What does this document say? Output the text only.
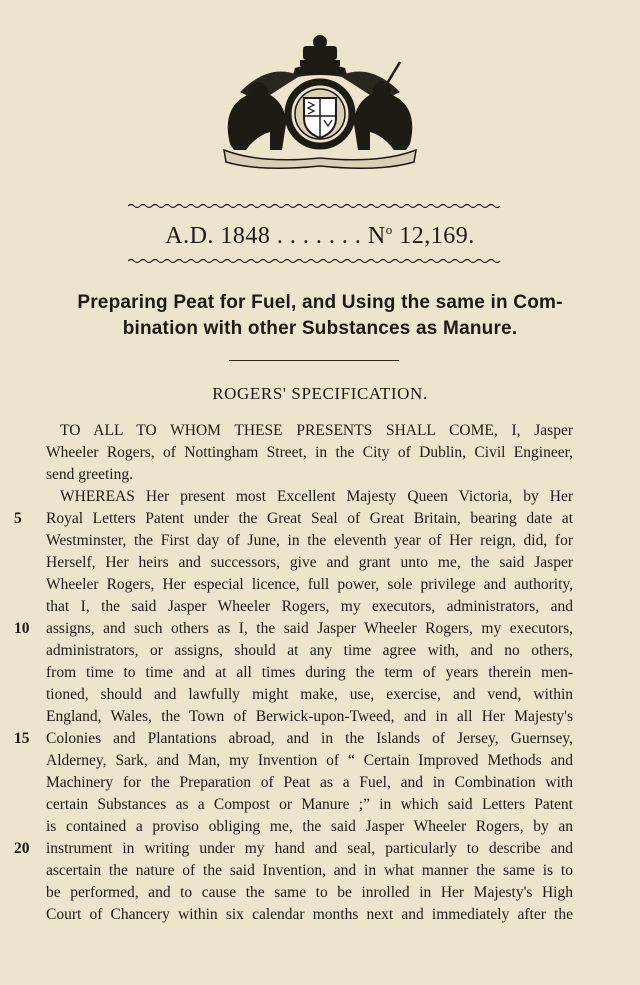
A.D. 1848 . . . . . . . $N^o$ 12,169.
Preparing Peat for Fuel, and Using the same in Com-
bination with other Substances as Manure.
ROGERS' SPECIFICATION.
TO ALL TO WHOM THESE PRESENTS SHALL COME, I, Jasper
Wheeler Rogers, of Nottingham Street, in the City of Dublin, Civil Engineer,
send greeting.
WHEREAS Her present most Excellent Majesty Queen Victoria, by Her
Royal Letters Patent under the Great Seal of Great Britain, bearing date at
5
Westminster, the First day of June, in the eleventh year of Her reign, did, for
Herself, Her heirs and successors, give and grant unto me, the said Jasper
Wheeler Rogers, Her especial licence, full power, sole privilege and authority,
that I, the said Jasper Wheeler Rogers, my executors, administrators, and
assigns, and such others as I, the said Jasper Wheeler Rogers, my executors,
10
administrators, or assigns, should at any time agree with, and no others,
from time to time and at all times during the term of years therein men-
tioned, should and lawfully might make, use, exercise, and vend, within
England, Wales, the Town of Berwick-upon-Tweed, and in all Her Majesty's
Colonies and Plantations abroad, and in the Islands of Jersey, Guernsey,
15
Alderney, Sark, and Man, my Invention of “ Certain Improved Methods and
Machinery for the Preparation of Peat as a Fuel, and in Combination with
certain Substances as a Compost or Manure ;” in which said Letters Patent
is contained a proviso obliging me, the said Jasper Wheeler Rogers, by an
instrument in writing under my hand and seal, particularly to describe and
20
ascertain the nature of the said Invention, and in what manner the same is to
be performed, and to cause the same to be inrolled in Her Majesty's High
Court of Chancery within six calendar months next and immediately after the
